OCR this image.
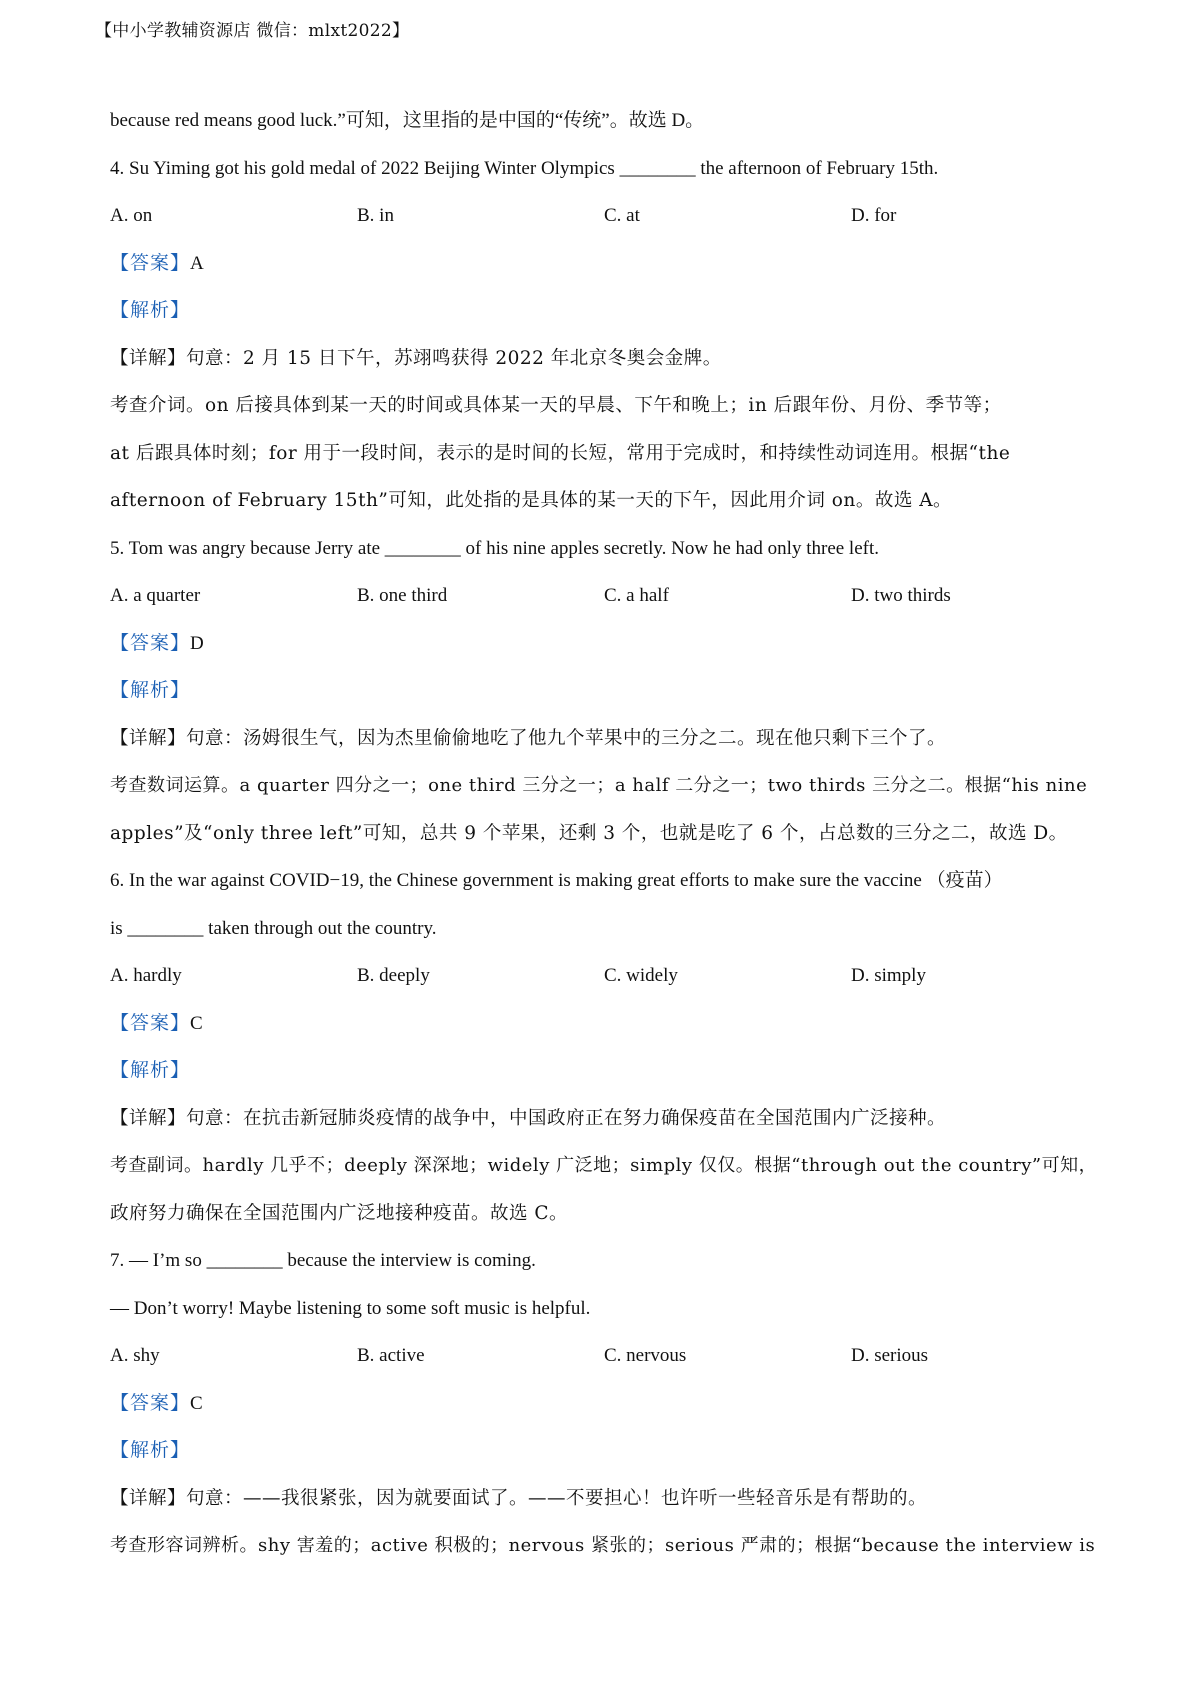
【中小学教辅资源店 微信：mlxt2022】
because red means good luck.”可知，这里指的是中国的“传统”。故选 D。
4. Su Yiming got his gold medal of 2022 Beijing Winter Olympics ________ the afternoon of February 15th.
A. on	B. in	C. at	D. for
【答案】A
【解析】
【详解】句意：2 月 15 日下午，苏翊鸣获得 2022 年北京冬奥会金牌。
考查介词。on 后接具体到某一天的时间或具体某一天的早晨、下午和晚上；in 后跟年份、月份、季节等；
at 后跟具体时刻；for 用于一段时间，表示的是时间的长短，常用于完成时，和持续性动词连用。根据“the
afternoon of February 15th”可知，此处指的是具体的某一天的下午，因此用介词 on。故选 A。
5. Tom was angry because Jerry ate ________ of his nine apples secretly. Now he had only three left.
A. a quarter	B. one third	C. a half	D. two thirds
【答案】D
【解析】
【详解】句意：汤姆很生气，因为杰里偷偷地吃了他九个苹果中的三分之二。现在他只剩下三个了。
考查数词运算。a quarter 四分之一；one third 三分之一；a half 二分之一；two thirds 三分之二。根据“his nine
apples”及“only three left”可知，总共 9 个苹果，还剩 3 个，也就是吃了 6 个，占总数的三分之二，故选 D。
6. In the war against COVID−19, the Chinese government is making great efforts to make sure the vaccine （疫苗）
is ________ taken through out the country.
A. hardly	B. deeply	C. widely	D. simply
【答案】C
【解析】
【详解】句意：在抗击新冠肺炎疫情的战争中，中国政府正在努力确保疫苗在全国范围内广泛接种。
考查副词。hardly 几乎不；deeply 深深地；widely 广泛地；simply 仅仅。根据“through out the country”可知，
政府努力确保在全国范围内广泛地接种疫苗。故选 C。
7. — I’m so ________ because the interview is coming.
— Don’t worry! Maybe listening to some soft music is helpful.
A. shy	B. active	C. nervous	D. serious
【答案】C
【解析】
【详解】句意：——我很紧张，因为就要面试了。——不要担心！也许听一些轻音乐是有帮助的。
考查形容词辨析。shy 害羞的；active 积极的；nervous 紧张的；serious 严肃的；根据“because the interview is
